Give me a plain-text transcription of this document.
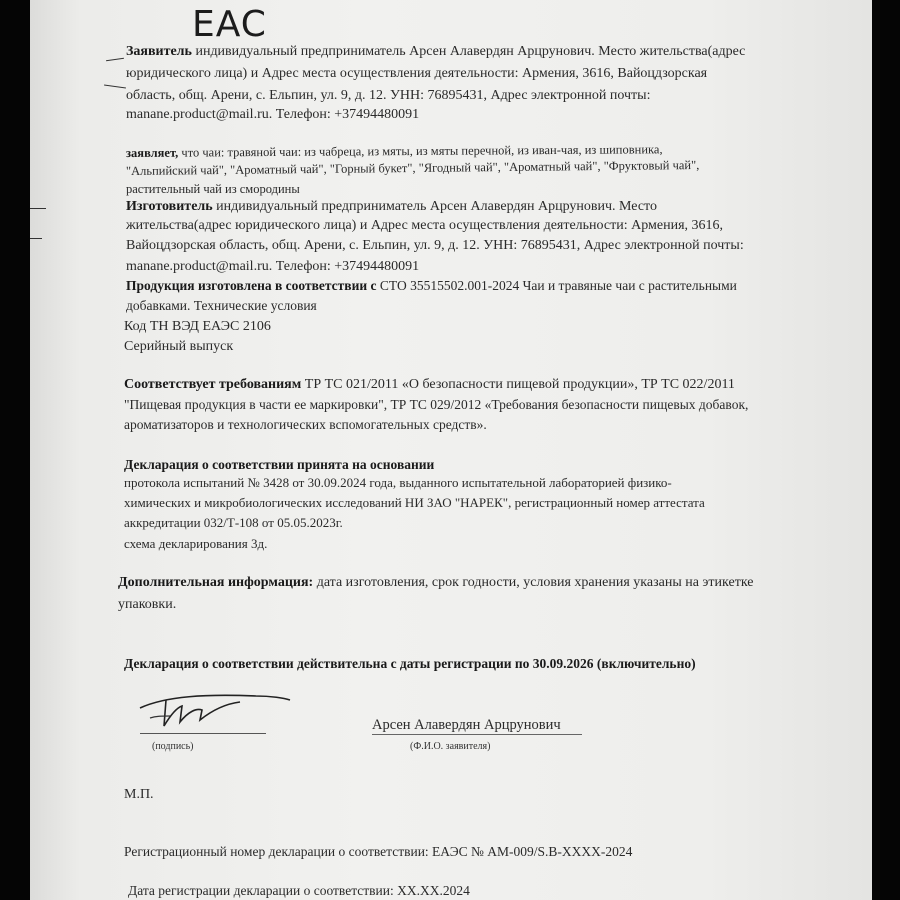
EAC
Заявитель индивидуальный предприниматель Арсен Алавердян Арцрунович. Место жительства(адрес
юридического лица) и Адрес места осуществления деятельности: Армения, 3616, Вайоцдзорская
область, общ. Арени, с. Ельпин, ул. 9, д. 12. УНН: 76895431, Адрес электронной почты:
manane.product@mail.ru. Телефон: +37494480091
заявляет, что чаи: травяной чаи: из чабреца, из мяты, из мяты перечной, из иван-чая, из шиповника,
"Альпийский чай", "Ароматный чай", "Горный букет", "Ягодный чай", "Ароматный чай", "Фруктовый чай",
растительный чай из смородины
Изготовитель индивидуальный предприниматель Арсен Алавердян Арцрунович. Место
жительства(адрес юридического лица) и Адрес места осуществления деятельности: Армения, 3616,
Вайоцдзорская область, общ. Арени, с. Ельпин, ул. 9, д. 12. УНН: 76895431, Адрес электронной почты:
manane.product@mail.ru. Телефон: +37494480091
Продукция изготовлена в соответствии с СТО 35515502.001-2024 Чаи и травяные чаи с растительными
добавками. Технические условия
Код ТН ВЭД ЕАЭС 2106
Серийный выпуск
Соответствует требованиям ТР ТС 021/2011 «О безопасности пищевой продукции», ТР ТС 022/2011
"Пищевая продукция в части ее маркировки", ТР ТС 029/2012 «Требования безопасности пищевых добавок,
ароматизаторов и технологических вспомогательных средств».
Декларация о соответствии принята на основании
протокола испытаний № 3428 от 30.09.2024 года, выданного испытательной лабораторией физико-
химических и микробиологических исследований НИ ЗАО "НАРЕК", регистрационный номер аттестата
аккредитации 032/Т-108 от 05.05.2023г.
схема декларирования 3д.
Дополнительная информация: дата изготовления, срок годности, условия хранения указаны на этикетке
упаковки.
Декларация о соответствии действительна с даты регистрации по 30.09.2026 (включительно)
(подпись)
Арсен Алавердян Арцрунович
(Ф.И.О. заявителя)
М.П.
Регистрационный номер декларации о соответствии: ЕАЭС № AM-009/S.B-XXXX-2024
Дата регистрации декларации о соответствии: XX.XX.2024
